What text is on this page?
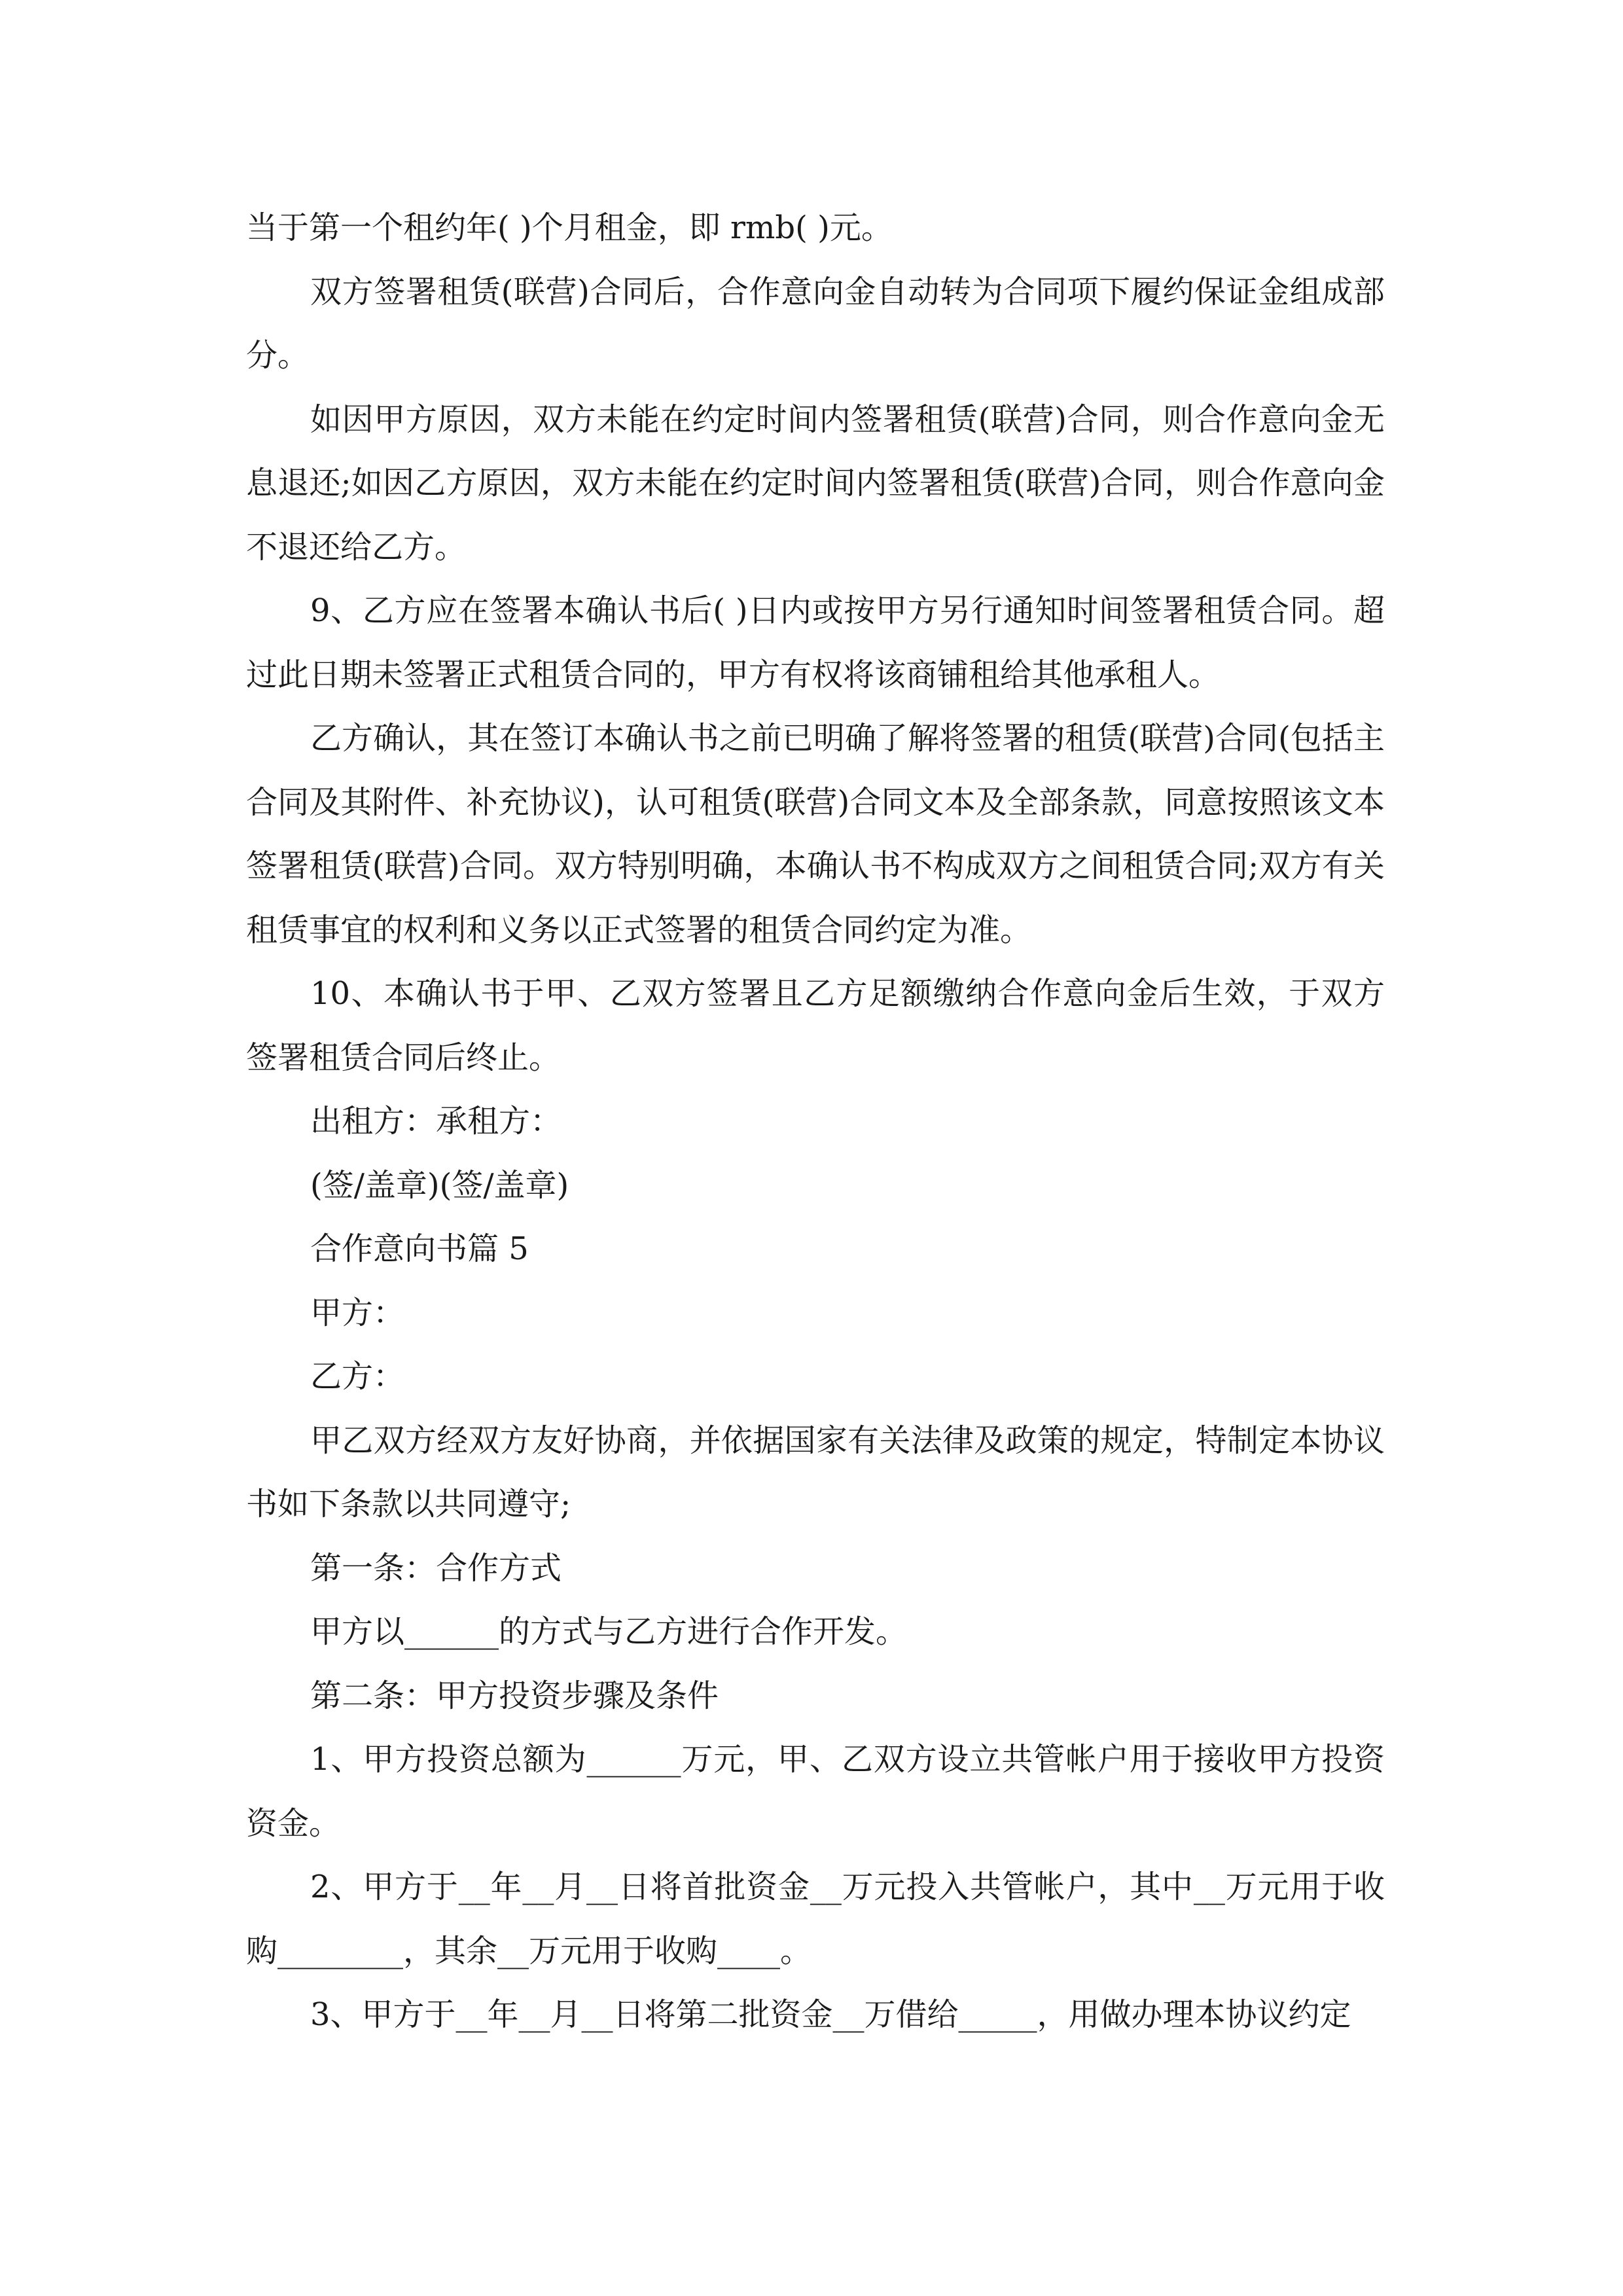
当于第一个租约年( )个月租金，即 rmb( )元。

双方签署租赁(联营)合同后，合作意向金自动转为合同项下履约保证金组成部分。

如因甲方原因，双方未能在约定时间内签署租赁(联营)合同，则合作意向金无息退还;如因乙方原因，双方未能在约定时间内签署租赁(联营)合同，则合作意向金不退还给乙方。

9、乙方应在签署本确认书后( )日内或按甲方另行通知时间签署租赁合同。超过此日期未签署正式租赁合同的，甲方有权将该商铺租给其他承租人。

乙方确认，其在签订本确认书之前已明确了解将签署的租赁(联营)合同(包括主合同及其附件、补充协议)，认可租赁(联营)合同文本及全部条款，同意按照该文本签署租赁(联营)合同。双方特别明确，本确认书不构成双方之间租赁合同;双方有关租赁事宜的权利和义务以正式签署的租赁合同约定为准。

10、本确认书于甲、乙双方签署且乙方足额缴纳合作意向金后生效，于双方签署租赁合同后终止。

出租方：承租方：

(签/盖章)(签/盖章)

合作意向书篇 5

甲方：

乙方：

甲乙双方经双方友好协商，并依据国家有关法律及政策的规定，特制定本协议书如下条款以共同遵守;

第一条：合作方式

甲方以______的方式与乙方进行合作开发。

第二条：甲方投资步骤及条件

1、甲方投资总额为______万元，甲、乙双方设立共管帐户用于接收甲方投资资金。

2、甲方于__年__月__日将首批资金__万元投入共管帐户，其中__万元用于收购________，其余__万元用于收购____。

3、甲方于__年__月__日将第二批资金__万借给_____，用做办理本协议约定
